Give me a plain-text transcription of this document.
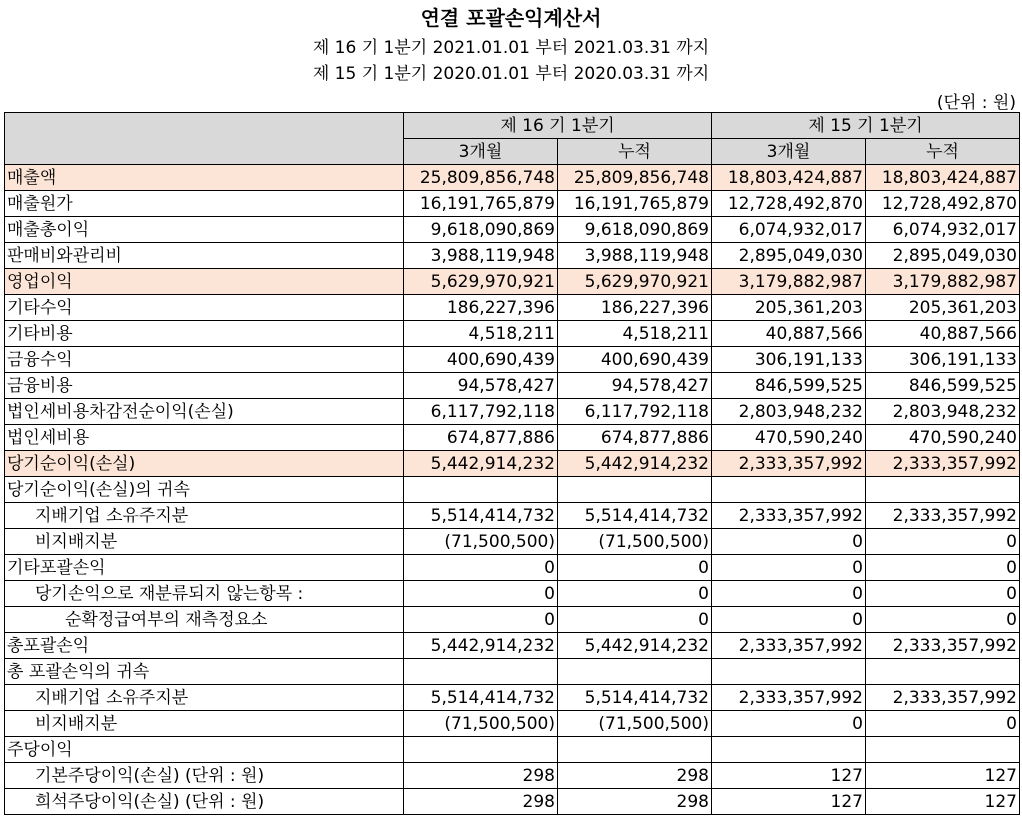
연결 포괄손익계산서
제 16 기 1분기 2021.01.01 부터 2021.03.31 까지
제 15 기 1분기 2020.01.01 부터 2020.03.31 까지
(단위 : 원)
	제 16 기 1분기		제 15 기 1분기	
	3개월	누적	3개월	누적
매출액	25,809,856,748	25,809,856,748	18,803,424,887	18,803,424,887
매출원가	16,191,765,879	16,191,765,879	12,728,492,870	12,728,492,870
매출총이익	9,618,090,869	9,618,090,869	6,074,932,017	6,074,932,017
판매비와관리비	3,988,119,948	3,988,119,948	2,895,049,030	2,895,049,030
영업이익	5,629,970,921	5,629,970,921	3,179,882,987	3,179,882,987
기타수익	186,227,396	186,227,396	205,361,203	205,361,203
기타비용	4,518,211	4,518,211	40,887,566	40,887,566
금융수익	400,690,439	400,690,439	306,191,133	306,191,133
금융비용	94,578,427	94,578,427	846,599,525	846,599,525
법인세비용차감전순이익(손실)	6,117,792,118	6,117,792,118	2,803,948,232	2,803,948,232
법인세비용	674,877,886	674,877,886	470,590,240	470,590,240
당기순이익(손실)	5,442,914,232	5,442,914,232	2,333,357,992	2,333,357,992
당기순이익(손실)의 귀속				
지배기업 소유주지분	5,514,414,732	5,514,414,732	2,333,357,992	2,333,357,992
비지배지분	(71,500,500)	(71,500,500)	0	0
기타포괄손익	0	0	0	0
당기손익으로 재분류되지 않는항목 :	0	0	0	0
순확정급여부의 재측정요소	0	0	0	0
총포괄손익	5,442,914,232	5,442,914,232	2,333,357,992	2,333,357,992
총 포괄손익의 귀속				
지배기업 소유주지분	5,514,414,732	5,514,414,732	2,333,357,992	2,333,357,992
비지배지분	(71,500,500)	(71,500,500)	0	0
주당이익				
기본주당이익(손실) (단위 : 원)	298	298	127	127
희석주당이익(손실) (단위 : 원)	298	298	127	127
